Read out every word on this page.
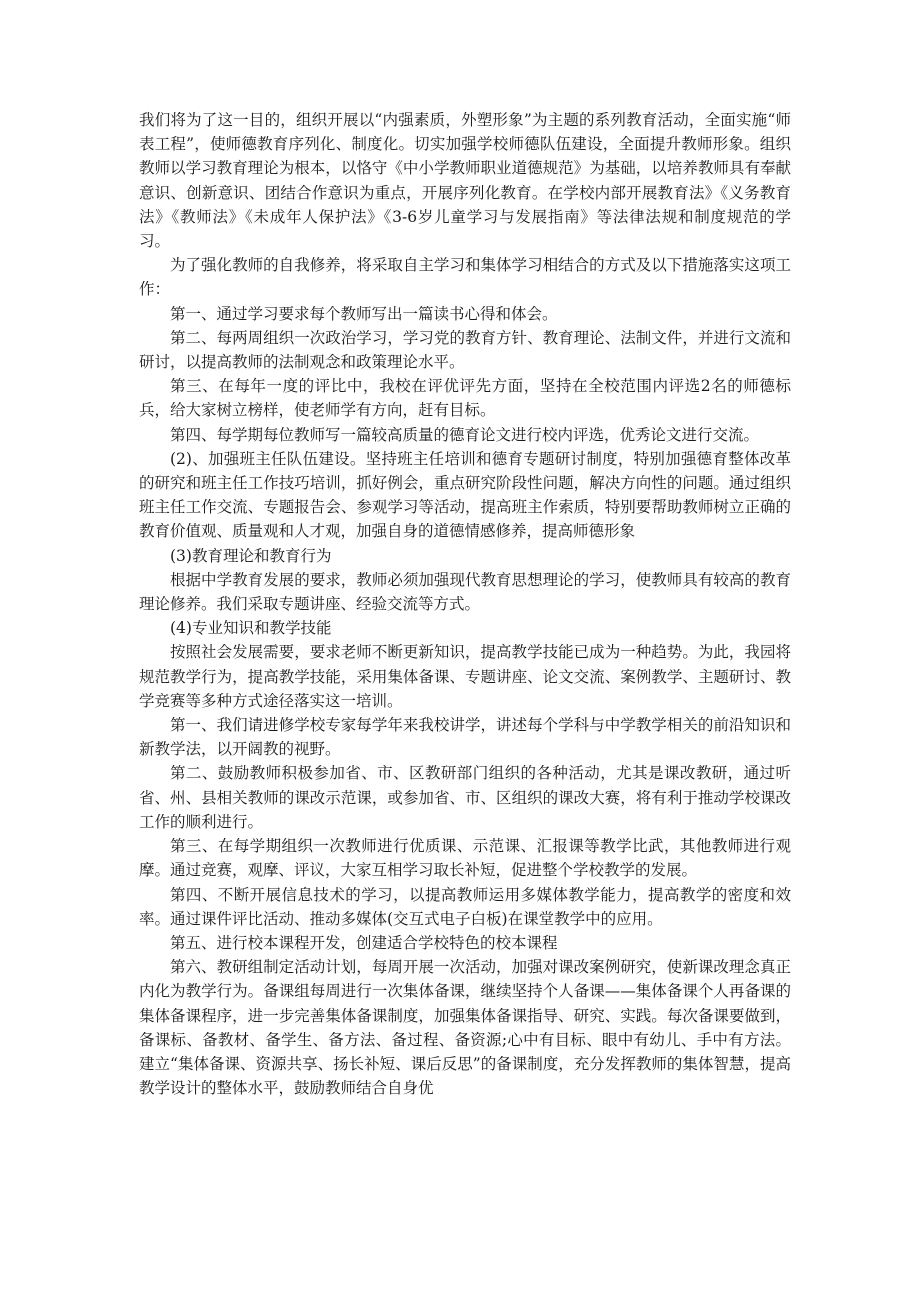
我们将为了这一目的，组织开展以“内强素质，外塑形象”为主题的系列教育活动，全面实施“师表工程”，使师德教育序列化、制度化。切实加强学校师德队伍建设，全面提升教师形象。组织教师以学习教育理论为根本，以恪守《中小学教师职业道德规范》为基础，以培养教师具有奉献意识、创新意识、团结合作意识为重点，开展序列化教育。在学校内部开展教育法》《义务教育法》《教师法》《未成年人保护法》《3-6岁儿童学习与发展指南》等法律法规和制度规范的学习。

为了强化教师的自我修养，将采取自主学习和集体学习相结合的方式及以下措施落实这项工作：

第一、通过学习要求每个教师写出一篇读书心得和体会。

第二、每两周组织一次政治学习，学习党的教育方针、教育理论、法制文件，并进行文流和研讨，以提高教师的法制观念和政策理论水平。

第三、在每年一度的评比中，我校在评优评先方面，坚持在全校范围内评选2名的师德标兵，给大家树立榜样，使老师学有方向，赶有目标。

第四、每学期每位教师写一篇较高质量的德育论文进行校内评选，优秀论文进行交流。

(2)、加强班主任队伍建设。坚持班主任培训和德育专题研讨制度，特别加强德育整体改革的研究和班主任工作技巧培训，抓好例会，重点研究阶段性问题，解决方向性的问题。通过组织班主任工作交流、专题报告会、参观学习等活动，提高班主作索质，特别要帮助教师树立正确的教育价值观、质量观和人才观，加强自身的道德情感修养，提高师德形象

(3)教育理论和教育行为

根据中学教育发展的要求，教师必须加强现代教育思想理论的学习，使教师具有较高的教育理论修养。我们采取专题讲座、经验交流等方式。

(4)专业知识和教学技能

按照社会发展需要，要求老师不断更新知识，提高教学技能已成为一种趋势。为此，我园将规范教学行为，提高教学技能，采用集体备课、专题讲座、论文交流、案例教学、主题研讨、教学竞赛等多种方式途径落实这一培训。

第一、我们请进修学校专家每学年来我校讲学，讲述每个学科与中学教学相关的前沿知识和新教学法，以开阔教的视野。

第二、鼓励教师积极参加省、市、区教研部门组织的各种活动，尤其是课改教研，通过听省、州、县相关教师的课改示范课，或参加省、市、区组织的课改大赛，将有利于推动学校课改工作的顺利进行。

第三、在每学期组织一次教师进行优质课、示范课、汇报课等教学比武，其他教师进行观摩。通过竞赛，观摩、评议，大家互相学习取长补短，促进整个学校教学的发展。

第四、不断开展信息技术的学习，以提高教师运用多媒体教学能力，提高教学的密度和效率。通过课件评比活动、推动多媒体(交互式电子白板)在课堂教学中的应用。

第五、进行校本课程开发，创建适合学校特色的校本课程

第六、教研组制定活动计划，每周开展一次活动，加强对课改案例研究，使新课改理念真正内化为教学行为。备课组每周进行一次集体备课，继续坚持个人备课——集体备课个人再备课的集体备课程序，进一步完善集体备课制度，加强集体备课指导、研究、实践。每次备课要做到，备课标、备教材、备学生、备方法、备过程、备资源;心中有目标、眼中有幼儿、手中有方法。建立“集体备课、资源共享、扬长补短、课后反思”的备课制度，充分发挥教师的集体智慧，提高教学设计的整体水平，鼓励教师结合自身优
